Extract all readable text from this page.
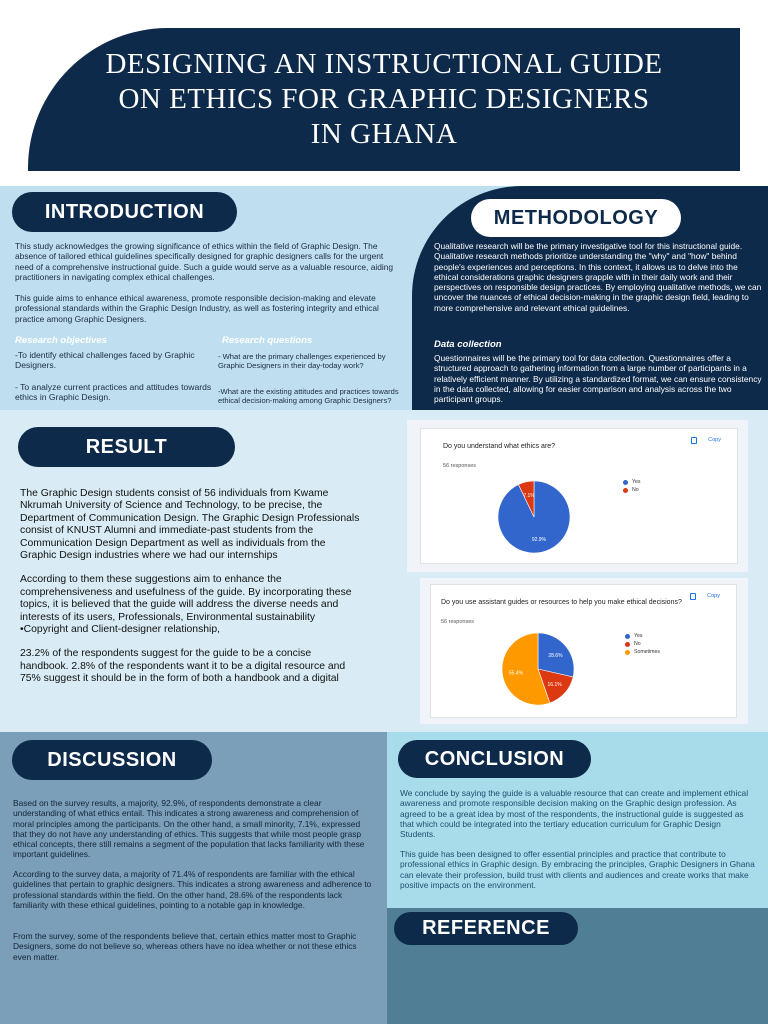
DESIGNING AN INSTRUCTIONAL GUIDE ON ETHICS FOR GRAPHIC DESIGNERS IN GHANA
INTRODUCTION
This study acknowledges the growing significance of ethics within the field of Graphic Design. The absence of tailored ethical guidelines specifically designed for graphic designers calls for the urgent need of a comprehensive instructional guide. Such a guide would serve as a valuable resource, aiding practitioners in navigating complex ethical challenges.
This guide aims to enhance ethical awareness, promote responsible decision-making and elevate professional standards within the Graphic Design Industry, as well as fostering integrity and ethical practice among Graphic Designers.
Research objectives	Research questions
-To identify ethical challenges faced by Graphic Designers.
- To analyze current practices and attitudes towards ethics in Graphic Design.
- What are the primary challenges experienced by Graphic Designers in their day-today work?
-What are the existing attitudes and practices towards ethical decision-making among Graphic Designers?
METHODOLOGY
Qualitative research will be the primary investigative tool for this instructional guide. Qualitative research methods prioritize understanding the "why" and "how" behind people's experiences and perceptions. In this context, it allows us to delve into the ethical considerations graphic designers grapple with in their daily work and their perspectives on responsible design practices. By employing qualitative methods, we can uncover the nuances of ethical decision-making in the graphic design field, leading to more comprehensive and relevant ethical guidelines.
Data collection
Questionnaires will be the primary tool for data collection. Questionnaires offer a structured approach to gathering information from a large number of participants in a relatively efficient manner. By utilizing a standardized format, we can ensure consistency in the data collected, allowing for easier comparison and analysis across the two participant groups.
RESULT

The Graphic Design students consist of 56 individuals from Kwame Nkrumah University of Science and Technology, to be precise, the Department of Communication Design. The Graphic Design Professionals consist of KNUST Alumni and immediate-past students from the Communication Design Department as well as individuals from the Graphic Design industries where we had our internships

According to them these suggestions aim to enhance the comprehensiveness and usefulness of the guide. By incorporating these topics, it is believed that the guide will address the diverse needs and interests of its users, Professionals, Environmental sustainability •Copyright and Client-designer relationship,

23.2% of the respondents suggest for the guide to be a concise handbook. 2.8% of the respondents want it to be a digital resource and 75% suggest it should be in the form of both a handbook and a digital

Do you understand what ethics are?
56 responses
Copy
92.9%
7.1%
Yes
No
Do you use assistant guides or resources to help you make ethical decisions?
56 responses
Copy
28.6%
16.1%
55.4%
Yes
No
Sometimes
DISCUSSION
Based on the survey results, a majority, 92.9%, of respondents demonstrate a clear understanding of what ethics entail. This indicates a strong awareness and comprehension of moral principles among the participants. On the other hand, a small minority, 7.1%, expressed that they do not have any understanding of ethics. This suggests that while most people grasp ethical concepts, there still remains a segment of the population that lacks familiarity with these important guidelines.
According to the survey data, a majority of 71.4% of respondents are familiar with the ethical guidelines that pertain to graphic designers. This indicates a strong awareness and adherence to professional standards within the field. On the other hand, 28.6% of the respondents lack familiarity with these ethical guidelines, pointing to a notable gap in knowledge.
From the survey, some of the respondents believe that, certain ethics matter most to Graphic Designers, some do not believe so, whereas others have no idea whether or not these ethics even matter.
CONCLUSION
We conclude by saying the guide is a valuable resource that can create and implement ethical awareness and promote responsible decision making on the Graphic design profession. As agreed to be a great idea by most of the respondents, the instructional guide is suggested as that which could be integrated into the tertiary education curriculum for Graphic Design Students.
This guide has been designed to offer essential principles and practice that contribute to professional ethics in Graphic design. By embracing the principles, Graphic Designers in Ghana can elevate their profession, build trust with clients and audiences and create works that make positive impacts on the environment.
REFERENCE
